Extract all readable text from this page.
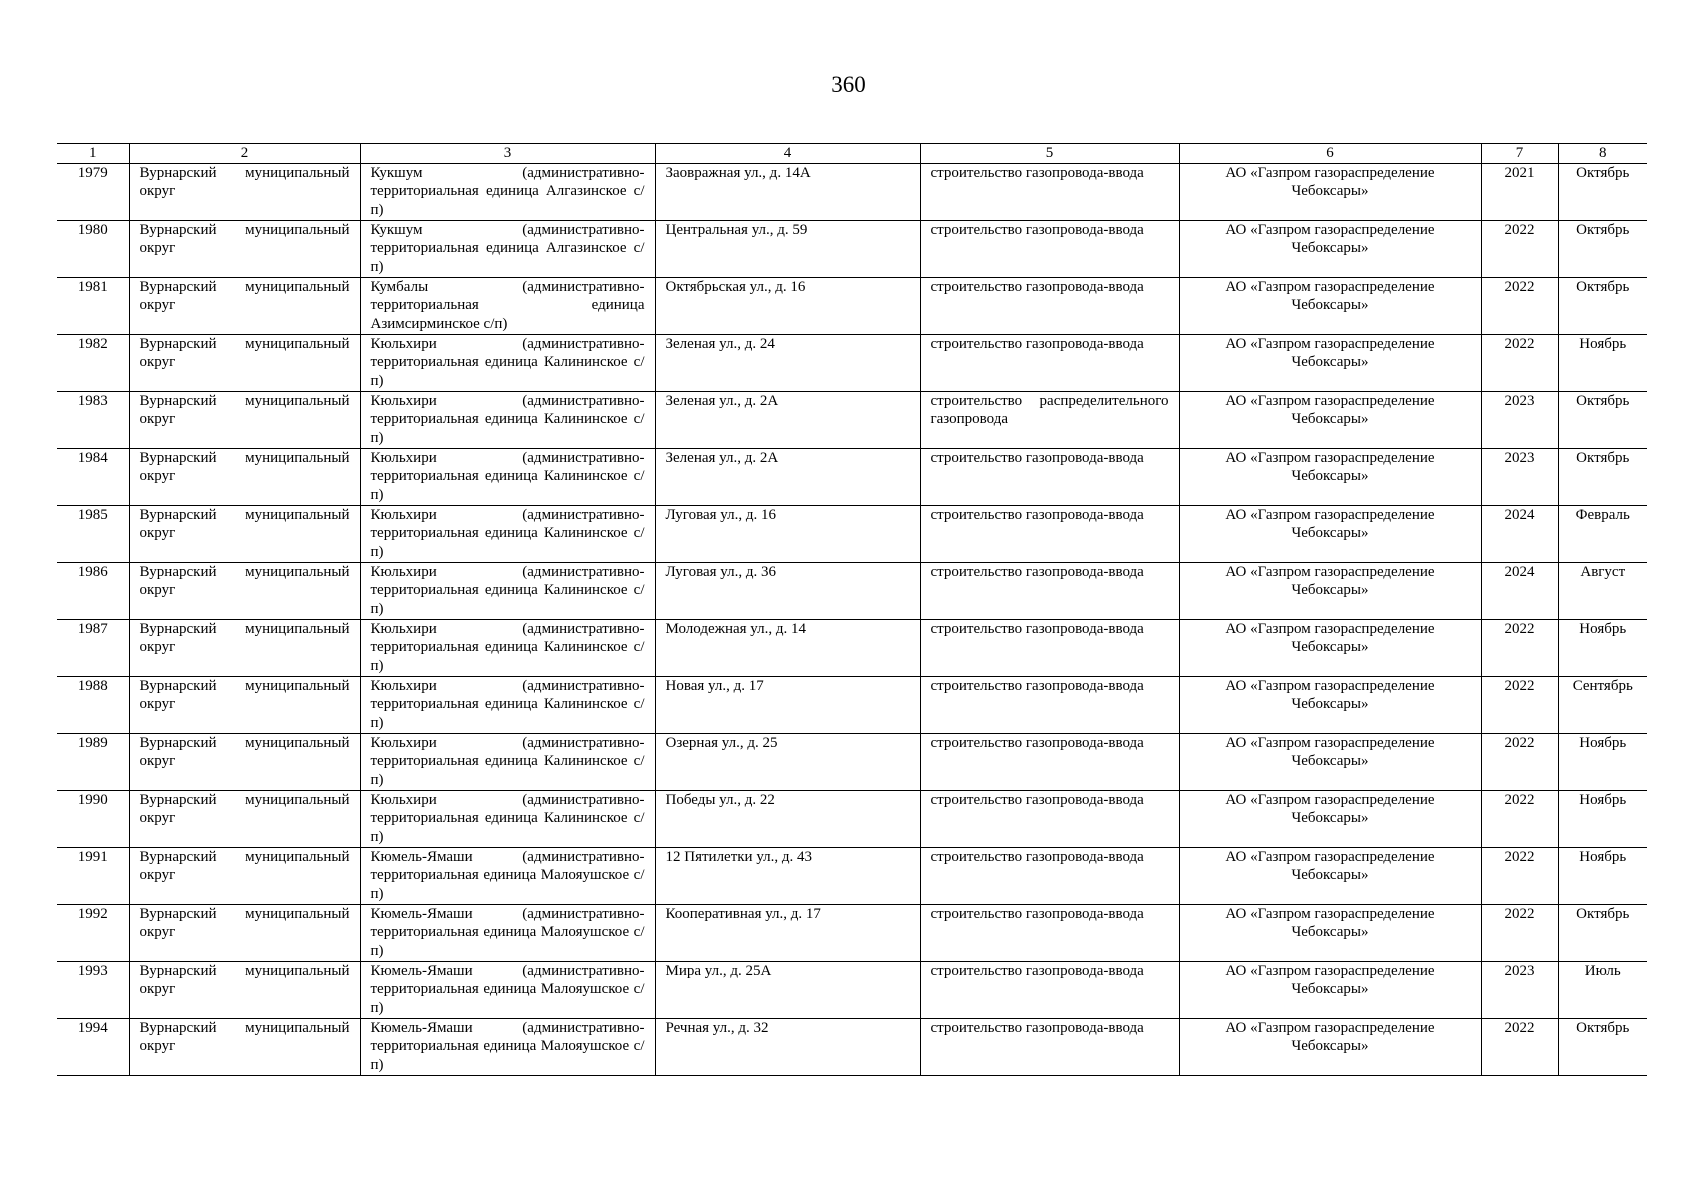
360
1	2	3	4	5	6	7	8
1979	Вурнарский муниципальный округ	Кукшум (административно-территориальная единица Алгазинское с/п)	Заовражная ул., д. 14А	строительство газопровода-ввода	АО «Газпром газораспределение Чебоксары»	2021	Октябрь
1980	Вурнарский муниципальный округ	Кукшум (административно-территориальная единица Алгазинское с/п)	Центральная ул., д. 59	строительство газопровода-ввода	АО «Газпром газораспределение Чебоксары»	2022	Октябрь
1981	Вурнарский муниципальный округ	Кумбалы (административно-территориальная единица Азимсирминское с/п)	Октябрьская ул., д. 16	строительство газопровода-ввода	АО «Газпром газораспределение Чебоксары»	2022	Октябрь
1982	Вурнарский муниципальный округ	Кюльхири (административно-территориальная единица Калининское с/п)	Зеленая ул., д. 24	строительство газопровода-ввода	АО «Газпром газораспределение Чебоксары»	2022	Ноябрь
1983	Вурнарский муниципальный округ	Кюльхири (административно-территориальная единица Калининское с/п)	Зеленая ул., д. 2А	строительство распределительного газопровода	АО «Газпром газораспределение Чебоксары»	2023	Октябрь
1984	Вурнарский муниципальный округ	Кюльхири (административно-территориальная единица Калининское с/п)	Зеленая ул., д. 2А	строительство газопровода-ввода	АО «Газпром газораспределение Чебоксары»	2023	Октябрь
1985	Вурнарский муниципальный округ	Кюльхири (административно-территориальная единица Калининское с/п)	Луговая ул., д. 16	строительство газопровода-ввода	АО «Газпром газораспределение Чебоксары»	2024	Февраль
1986	Вурнарский муниципальный округ	Кюльхири (административно-территориальная единица Калининское с/п)	Луговая ул., д. 36	строительство газопровода-ввода	АО «Газпром газораспределение Чебоксары»	2024	Август
1987	Вурнарский муниципальный округ	Кюльхири (административно-территориальная единица Калининское с/п)	Молодежная ул., д. 14	строительство газопровода-ввода	АО «Газпром газораспределение Чебоксары»	2022	Ноябрь
1988	Вурнарский муниципальный округ	Кюльхири (административно-территориальная единица Калининское с/п)	Новая ул., д. 17	строительство газопровода-ввода	АО «Газпром газораспределение Чебоксары»	2022	Сентябрь
1989	Вурнарский муниципальный округ	Кюльхири (административно-территориальная единица Калининское с/п)	Озерная ул., д. 25	строительство газопровода-ввода	АО «Газпром газораспределение Чебоксары»	2022	Ноябрь
1990	Вурнарский муниципальный округ	Кюльхири (административно-территориальная единица Калининское с/п)	Победы ул., д. 22	строительство газопровода-ввода	АО «Газпром газораспределение Чебоксары»	2022	Ноябрь
1991	Вурнарский муниципальный округ	Кюмель-Ямаши (административно-территориальная единица Малояушское с/п)	12 Пятилетки ул., д. 43	строительство газопровода-ввода	АО «Газпром газораспределение Чебоксары»	2022	Ноябрь
1992	Вурнарский муниципальный округ	Кюмель-Ямаши (административно-территориальная единица Малояушское с/п)	Кооперативная ул., д. 17	строительство газопровода-ввода	АО «Газпром газораспределение Чебоксары»	2022	Октябрь
1993	Вурнарский муниципальный округ	Кюмель-Ямаши (административно-территориальная единица Малояушское с/п)	Мира ул., д. 25А	строительство газопровода-ввода	АО «Газпром газораспределение Чебоксары»	2023	Июль
1994	Вурнарский муниципальный округ	Кюмель-Ямаши (административно-территориальная единица Малояушское с/п)	Речная ул., д. 32	строительство газопровода-ввода	АО «Газпром газораспределение Чебоксары»	2022	Октябрь
